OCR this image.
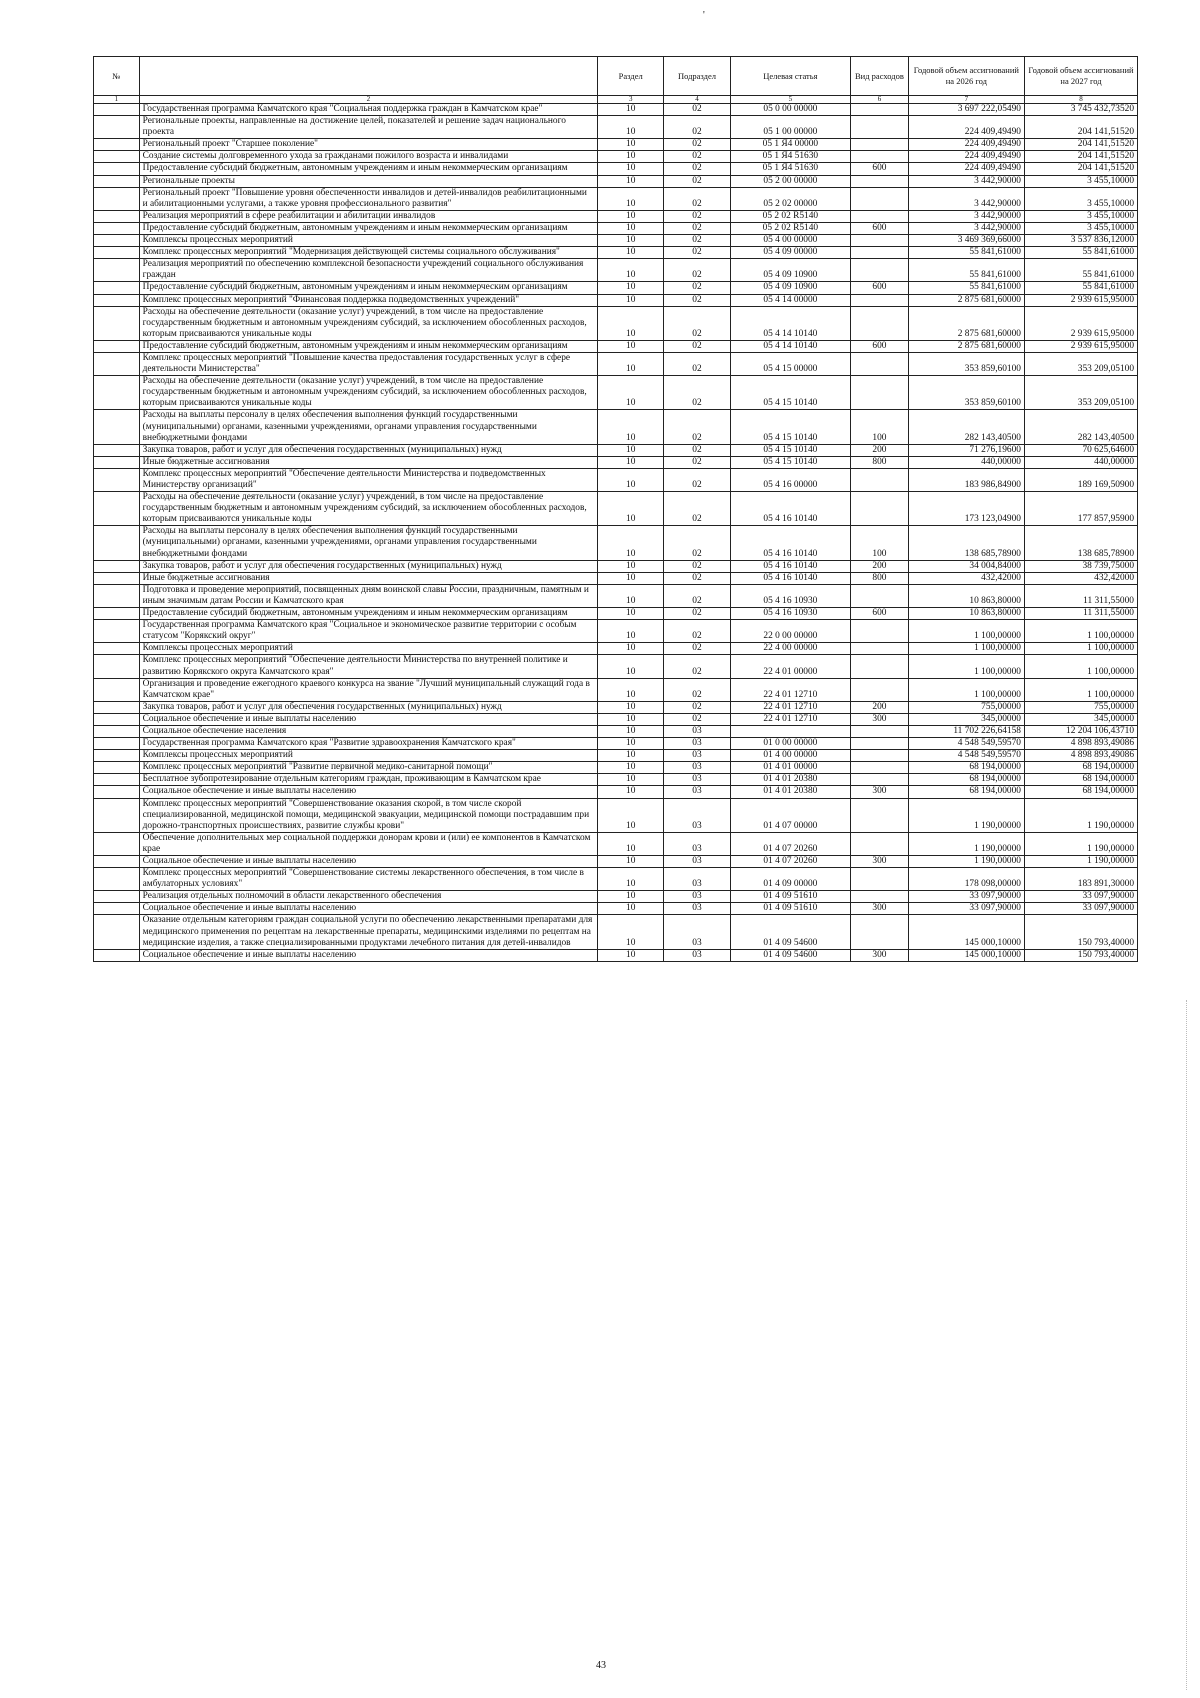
'
№		Раздел	Подраздел	Целевая статья	Вид расходов	Годовой объем ассигнований на 2026 год	Годовой объем ассигнований на 2027 год
1	2	3	4	5	6	7	8
	Государственная программа Камчатского края "Социальная поддержка граждан в Камчатском крае"	10	02	05 0 00 00000		3 697 222,05490	3 745 432,73520
	Региональные проекты, направленные на достижение целей, показателей и решение задач национального проекта	10	02	05 1 00 00000		224 409,49490	204 141,51520
	Региональный проект "Старшее поколение"	10	02	05 1 Я4 00000		224 409,49490	204 141,51520
	Создание системы долговременного ухода за гражданами пожилого возраста и инвалидами	10	02	05 1 Я4 51630		224 409,49490	204 141,51520
	Предоставление субсидий бюджетным, автономным учреждениям и иным некоммерческим организациям	10	02	05 1 Я4 51630	600	224 409,49490	204 141,51520
	Региональные проекты	10	02	05 2 00 00000		3 442,90000	3 455,10000
	Региональный проект "Повышение уровня обеспеченности инвалидов и детей-инвалидов реабилитационными и абилитационными услугами, а также уровня профессионального развития"	10	02	05 2 02 00000		3 442,90000	3 455,10000
	Реализация мероприятий в сфере реабилитации и абилитации инвалидов	10	02	05 2 02 R5140		3 442,90000	3 455,10000
	Предоставление субсидий бюджетным, автономным учреждениям и иным некоммерческим организациям	10	02	05 2 02 R5140	600	3 442,90000	3 455,10000
	Комплексы процессных мероприятий	10	02	05 4 00 00000		3 469 369,66000	3 537 836,12000
	Комплекс процессных мероприятий "Модернизация действующей системы социального обслуживания"	10	02	05 4 09 00000		55 841,61000	55 841,61000
	Реализация мероприятий по обеспечению комплексной безопасности учреждений социального обслуживания граждан	10	02	05 4 09 10900		55 841,61000	55 841,61000
	Предоставление субсидий бюджетным, автономным учреждениям и иным некоммерческим организациям	10	02	05 4 09 10900	600	55 841,61000	55 841,61000
	Комплекс процессных мероприятий "Финансовая поддержка подведомственных учреждений"	10	02	05 4 14 00000		2 875 681,60000	2 939 615,95000
	Расходы на обеспечение деятельности (оказание услуг) учреждений, в том числе на предоставление государственным бюджетным и автономным учреждениям субсидий, за исключением обособленных расходов, которым присваиваются уникальные коды	10	02	05 4 14 10140		2 875 681,60000	2 939 615,95000
	Предоставление субсидий бюджетным, автономным учреждениям и иным некоммерческим организациям	10	02	05 4 14 10140	600	2 875 681,60000	2 939 615,95000
	Комплекс процессных мероприятий "Повышение качества предоставления государственных услуг в сфере деятельности Министерства"	10	02	05 4 15 00000		353 859,60100	353 209,05100
	Расходы на обеспечение деятельности (оказание услуг) учреждений, в том числе на предоставление государственным бюджетным и автономным учреждениям субсидий, за исключением обособленных расходов, которым присваиваются уникальные коды	10	02	05 4 15 10140		353 859,60100	353 209,05100
	Расходы на выплаты персоналу в целях обеспечения выполнения функций государственными (муниципальными) органами, казенными учреждениями, органами управления государственными внебюджетными фондами	10	02	05 4 15 10140	100	282 143,40500	282 143,40500
	Закупка товаров, работ и услуг для обеспечения государственных (муниципальных) нужд	10	02	05 4 15 10140	200	71 276,19600	70 625,64600
	Иные бюджетные ассигнования	10	02	05 4 15 10140	800	440,00000	440,00000
	Комплекс процессных мероприятий "Обеспечение деятельности Министерства и подведомственных Министерству организаций"	10	02	05 4 16 00000		183 986,84900	189 169,50900
	Расходы на обеспечение деятельности (оказание услуг) учреждений, в том числе на предоставление государственным бюджетным и автономным учреждениям субсидий, за исключением обособленных расходов, которым присваиваются уникальные коды	10	02	05 4 16 10140		173 123,04900	177 857,95900
	Расходы на выплаты персоналу в целях обеспечения выполнения функций государственными (муниципальными) органами, казенными учреждениями, органами управления государственными внебюджетными фондами	10	02	05 4 16 10140	100	138 685,78900	138 685,78900
	Закупка товаров, работ и услуг для обеспечения государственных (муниципальных) нужд	10	02	05 4 16 10140	200	34 004,84000	38 739,75000
	Иные бюджетные ассигнования	10	02	05 4 16 10140	800	432,42000	432,42000
	Подготовка и проведение мероприятий, посвященных дням воинской славы России, праздничным, памятным и иным значимым датам России и Камчатского края	10	02	05 4 16 10930		10 863,80000	11 311,55000
	Предоставление субсидий бюджетным, автономным учреждениям и иным некоммерческим организациям	10	02	05 4 16 10930	600	10 863,80000	11 311,55000
	Государственная программа Камчатского края "Социальное и экономическое развитие территории с особым статусом "Корякский округ"	10	02	22 0 00 00000		1 100,00000	1 100,00000
	Комплексы процессных мероприятий	10	02	22 4 00 00000		1 100,00000	1 100,00000
	Комплекс процессных мероприятий "Обеспечение деятельности Министерства по внутренней политике и развитию Корякского округа Камчатского края"	10	02	22 4 01 00000		1 100,00000	1 100,00000
	Организация и проведение ежегодного краевого конкурса на звание "Лучший муниципальный служащий года в Камчатском крае"	10	02	22 4 01 12710		1 100,00000	1 100,00000
	Закупка товаров, работ и услуг для обеспечения государственных (муниципальных) нужд	10	02	22 4 01 12710	200	755,00000	755,00000
	Социальное обеспечение и иные выплаты населению	10	02	22 4 01 12710	300	345,00000	345,00000
	Социальное обеспечение населения	10	03			11 702 226,64158	12 204 106,43710
	Государственная программа Камчатского края "Развитие здравоохранения Камчатского края"	10	03	01 0 00 00000		4 548 549,59570	4 898 893,49086
	Комплексы процессных мероприятий	10	03	01 4 00 00000		4 548 549,59570	4 898 893,49086
	Комплекс процессных мероприятий "Развитие первичной медико-санитарной помощи"	10	03	01 4 01 00000		68 194,00000	68 194,00000
	Бесплатное зубопротезирование отдельным категориям граждан, проживающим в Камчатском крае	10	03	01 4 01 20380		68 194,00000	68 194,00000
	Социальное обеспечение и иные выплаты населению	10	03	01 4 01 20380	300	68 194,00000	68 194,00000
	Комплекс процессных мероприятий "Совершенствование оказания скорой, в том числе скорой специализированной, медицинской помощи, медицинской эвакуации, медицинской помощи пострадавшим при дорожно-транспортных происшествиях, развитие службы крови"	10	03	01 4 07 00000		1 190,00000	1 190,00000
	Обеспечение дополнительных мер социальной поддержки донорам крови и (или) ее компонентов в Камчатском крае	10	03	01 4 07 20260		1 190,00000	1 190,00000
	Социальное обеспечение и иные выплаты населению	10	03	01 4 07 20260	300	1 190,00000	1 190,00000
	Комплекс процессных мероприятий "Совершенствование системы лекарственного обеспечения, в том числе в амбулаторных условиях"	10	03	01 4 09 00000		178 098,00000	183 891,30000
	Реализация отдельных полномочий в области лекарственного обеспечения	10	03	01 4 09 51610		33 097,90000	33 097,90000
	Социальное обеспечение и иные выплаты населению	10	03	01 4 09 51610	300	33 097,90000	33 097,90000
	Оказание отдельным категориям граждан социальной услуги по обеспечению лекарственными препаратами для медицинского применения по рецептам на лекарственные препараты, медицинскими изделиями по рецептам на медицинские изделия, а также специализированными продуктами лечебного питания для детей-инвалидов	10	03	01 4 09 54600		145 000,10000	150 793,40000
	Социальное обеспечение и иные выплаты населению	10	03	01 4 09 54600	300	145 000,10000	150 793,40000
43
